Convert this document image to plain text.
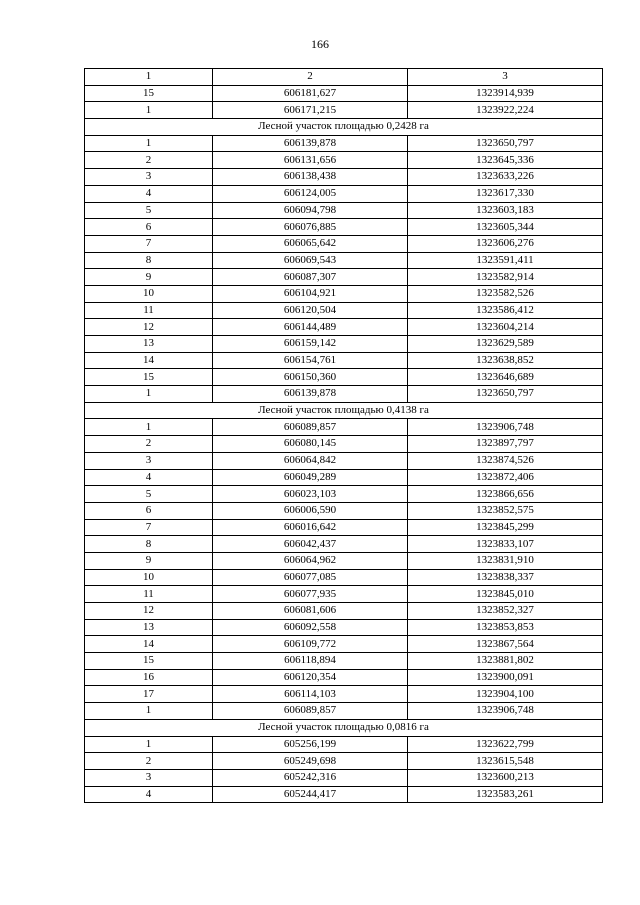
166
1	2	3
15	606181,627	1323914,939
1	606171,215	1323922,224
Лесной участок площадью 0,2428 га		
1	606139,878	1323650,797
2	606131,656	1323645,336
3	606138,438	1323633,226
4	606124,005	1323617,330
5	606094,798	1323603,183
6	606076,885	1323605,344
7	606065,642	1323606,276
8	606069,543	1323591,411
9	606087,307	1323582,914
10	606104,921	1323582,526
11	606120,504	1323586,412
12	606144,489	1323604,214
13	606159,142	1323629,589
14	606154,761	1323638,852
15	606150,360	1323646,689
1	606139,878	1323650,797
Лесной участок площадью 0,4138 га		
1	606089,857	1323906,748
2	606080,145	1323897,797
3	606064,842	1323874,526
4	606049,289	1323872,406
5	606023,103	1323866,656
6	606006,590	1323852,575
7	606016,642	1323845,299
8	606042,437	1323833,107
9	606064,962	1323831,910
10	606077,085	1323838,337
11	606077,935	1323845,010
12	606081,606	1323852,327
13	606092,558	1323853,853
14	606109,772	1323867,564
15	606118,894	1323881,802
16	606120,354	1323900,091
17	606114,103	1323904,100
1	606089,857	1323906,748
Лесной участок площадью 0,0816 га		
1	605256,199	1323622,799
2	605249,698	1323615,548
3	605242,316	1323600,213
4	605244,417	1323583,261
